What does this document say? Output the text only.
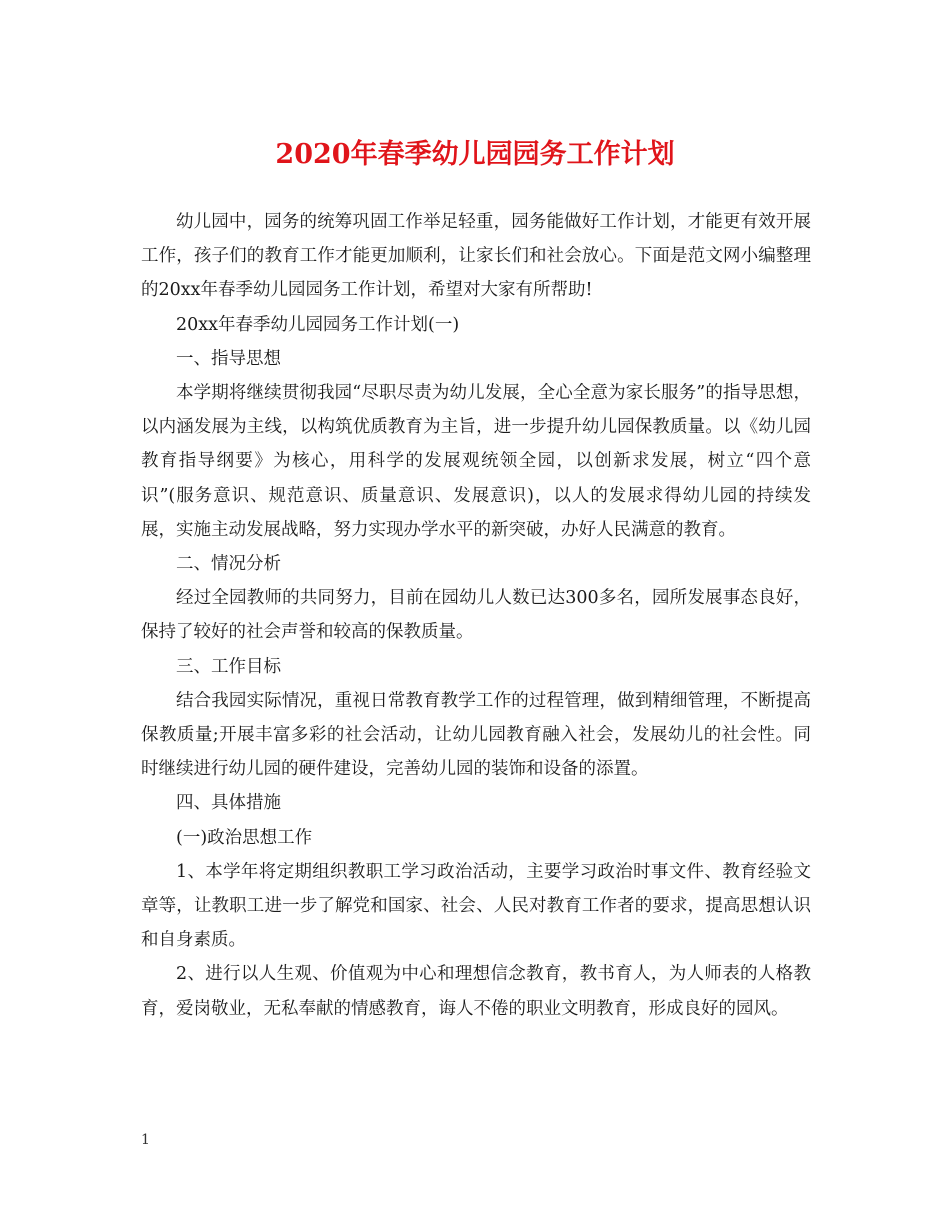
2020年春季幼儿园园务工作计划

幼儿园中，园务的统筹巩固工作举足轻重，园务能做好工作计划，才能更有效开展工作，孩子们的教育工作才能更加顺利，让家长们和社会放心。下面是范文网小编整理的20xx年春季幼儿园园务工作计划，希望对大家有所帮助!

20xx年春季幼儿园园务工作计划(一)

一、指导思想

本学期将继续贯彻我园“尽职尽责为幼儿发展，全心全意为家长服务”的指导思想，以内涵发展为主线，以构筑优质教育为主旨，进一步提升幼儿园保教质量。以《幼儿园教育指导纲要》为核心，用科学的发展观统领全园，以创新求发展，树立“四个意识”(服务意识、规范意识、质量意识、发展意识)，以人的发展求得幼儿园的持续发展，实施主动发展战略，努力实现办学水平的新突破，办好人民满意的教育。

二、情况分析

经过全园教师的共同努力，目前在园幼儿人数已达300多名，园所发展事态良好，保持了较好的社会声誉和较高的保教质量。

三、工作目标

结合我园实际情况，重视日常教育教学工作的过程管理，做到精细管理，不断提高保教质量;开展丰富多彩的社会活动，让幼儿园教育融入社会，发展幼儿的社会性。同时继续进行幼儿园的硬件建设，完善幼儿园的装饰和设备的添置。

四、具体措施

(一)政治思想工作

1、本学年将定期组织教职工学习政治活动，主要学习政治时事文件、教育经验文章等，让教职工进一步了解党和国家、社会、人民对教育工作者的要求，提高思想认识和自身素质。

2、进行以人生观、价值观为中心和理想信念教育，教书育人，为人师表的人格教育，爱岗敬业，无私奉献的情感教育，诲人不倦的职业文明教育，形成良好的园风。

1
